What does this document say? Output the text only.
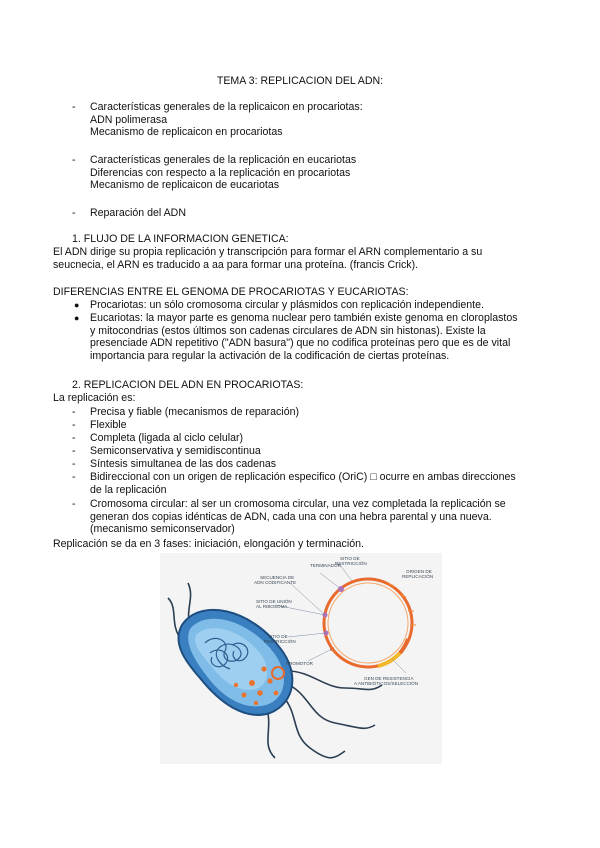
TEMA 3: REPLICACION DEL ADN:
- Características generales de la replicaicon en procariotas:
ADN polimerasa
Mecanismo de replicaicon en procariotas
- Características generales de la replicación en eucariotas
Diferencias con respecto a la replicación en procariotas
Mecanismo de replicaicon de eucariotas
- Reparación del ADN
1. FLUJO DE LA INFORMACION GENETICA:
El ADN dirige su propia replicación y transcripción para formar el ARN complementario a su
seucnecia, el ARN es traducido a aa para formar una proteína. (francis Crick).
DIFERENCIAS ENTRE EL GENOMA DE PROCARIOTAS Y EUCARIOTAS:
● Procariotas: un sólo cromosoma circular y plásmidos con replicación independiente.
● Eucariotas: la mayor parte es genoma nuclear pero también existe genoma en cloroplastos
y mitocondrias (estos últimos son cadenas circulares de ADN sin histonas). Existe la
presenciade ADN repetitivo ("ADN basura") que no codifica proteínas pero que es de vital
importancia para regular la activación de la codificación de ciertas proteínas.
2. REPLICACION DEL ADN EN PROCARIOTAS:
La replicación es:
- Precisa y fiable (mecanismos de reparación)
- Flexible
- Completa (ligada al ciclo celular)
- Semiconservativa y semidiscontinua
- Síntesis simultanea de las dos cadenas
- Bidireccional con un origen de replicación especifico (OriC) □ ocurre en ambas direcciones
de la replicación
- Cromosoma circular: al ser un cromosoma circular, una vez completada la replicación se
generan dos copias idénticas de ADN, cada una con una hebra parental y una nueva.
(mecanismo semiconservador)
Replicación se da en 3 fases: iniciación, elongación y terminación.
TERMINADOR
SITIO DE RESTRICCIÓN
ORIGEN DE REPLICACIÓN
SECUENCIA DE ADN CODIFICANTE
SITIO DE UNIÓN AL RIBOSOMA
SITIO DE RESTRICCIÓN
PROMOTOR
GEN DE RESISTENCIA A ANTIBIÓTICOS/SELECCIÓN
